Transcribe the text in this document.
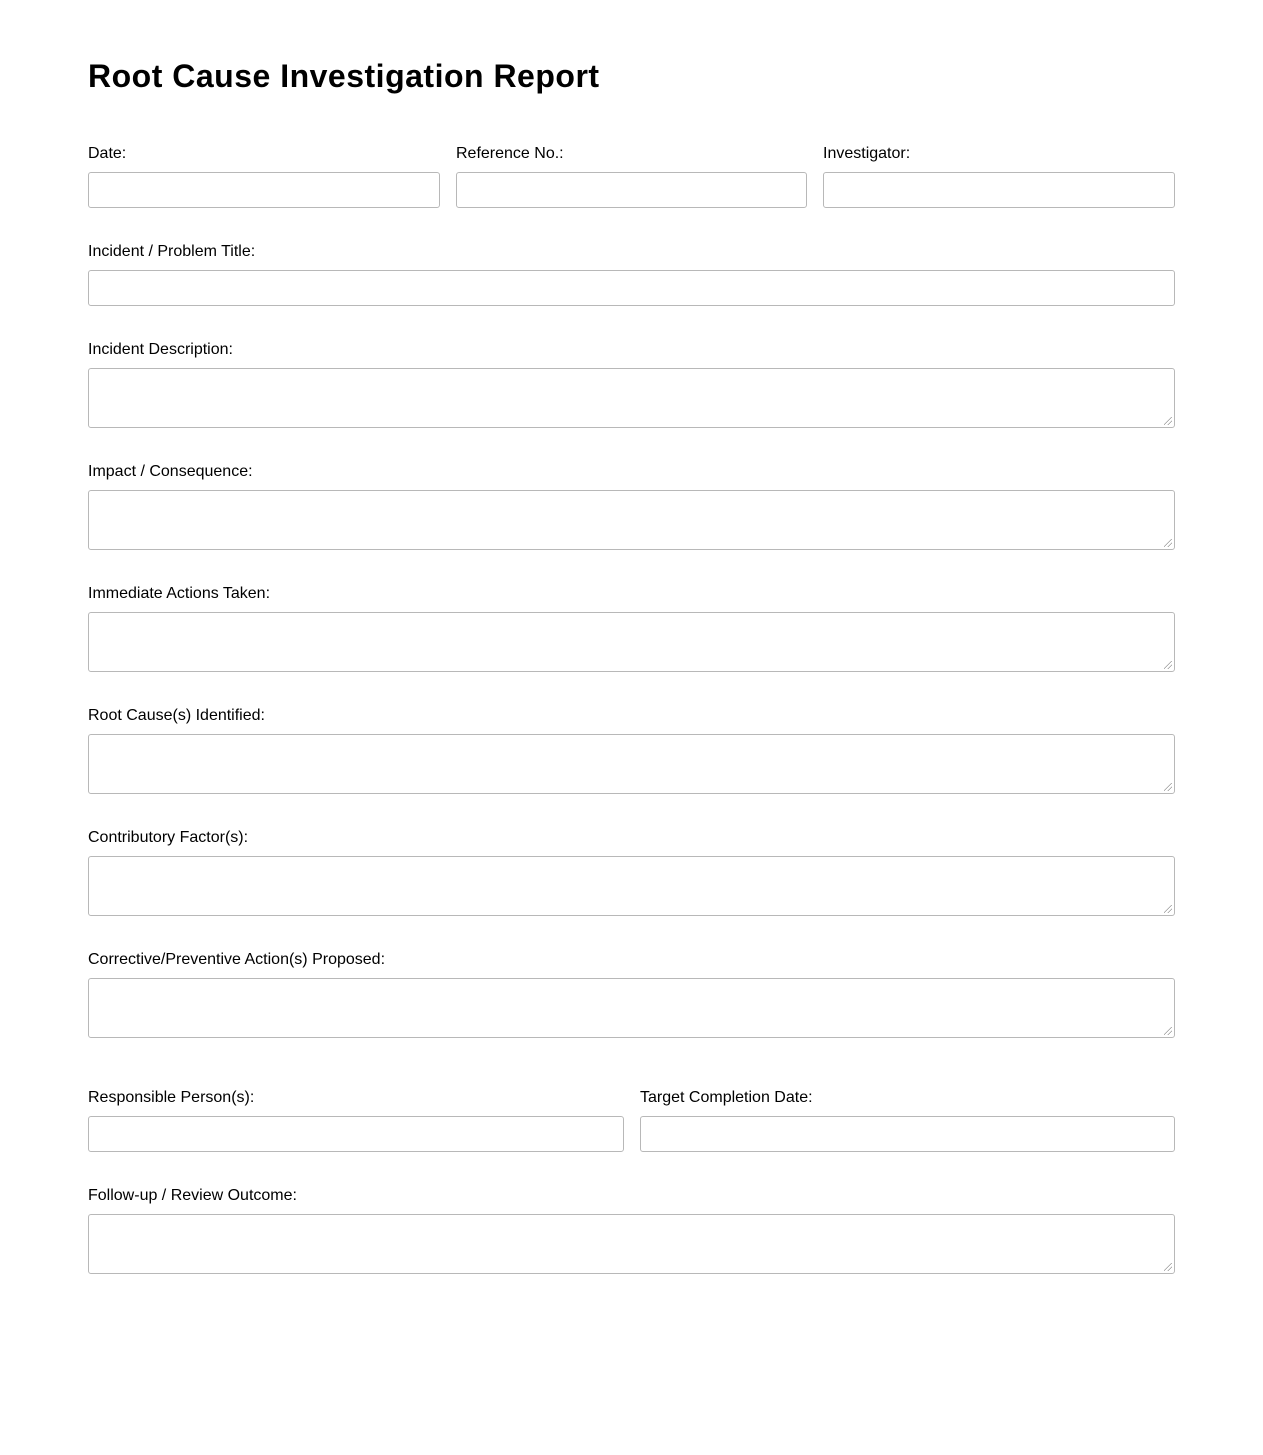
Root Cause Investigation Report
Date:	Reference No.:	Investigator:
Incident / Problem Title:
Incident Description:
Impact / Consequence:
Immediate Actions Taken:
Root Cause(s) Identified:
Contributory Factor(s):
Corrective/Preventive Action(s) Proposed:
Responsible Person(s):	Target Completion Date:
Follow-up / Review Outcome:
